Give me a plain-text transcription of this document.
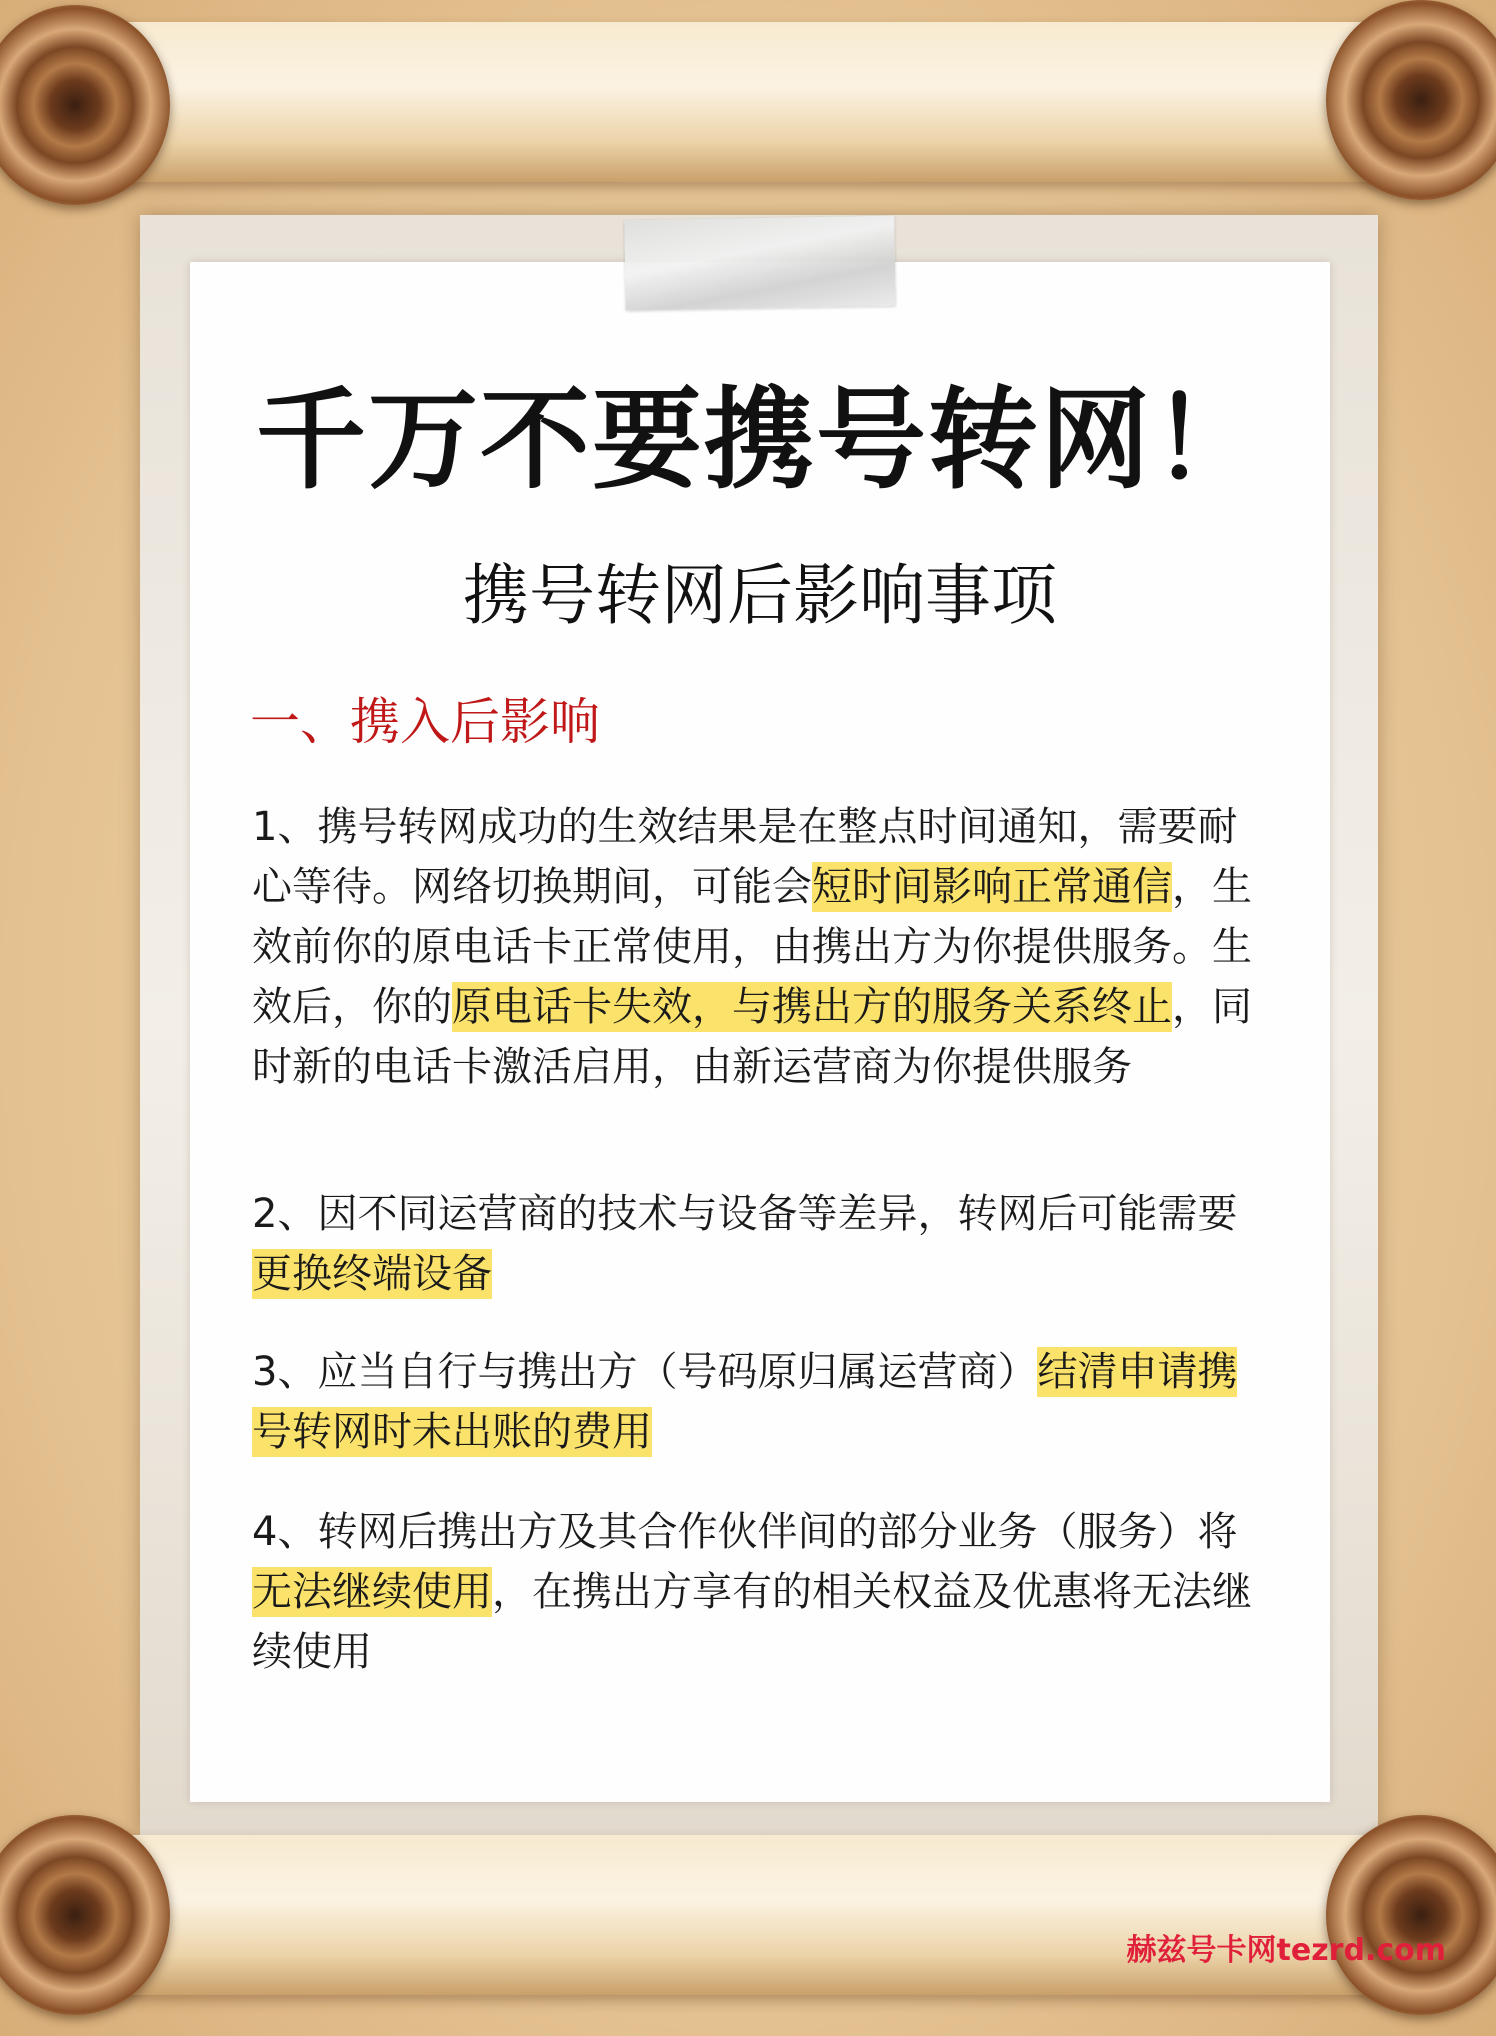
千万不要携号转网！
携号转网后影响事项
一、携入后影响
1、携号转网成功的生效结果是在整点时间通知，需要耐心等待。网络切换期间，可能会短时间影响正常通信，生效前你的原电话卡正常使用，由携出方为你提供服务。生效后，你的原电话卡失效，与携出方的服务关系终止，同时新的电话卡激活启用，由新运营商为你提供服务
2、因不同运营商的技术与设备等差异，转网后可能需要更换终端设备
3、应当自行与携出方（号码原归属运营商）结清申请携号转网时未出账的费用
4、转网后携出方及其合作伙伴间的部分业务（服务）将无法继续使用，在携出方享有的相关权益及优惠将无法继续使用
赫兹号卡网tezrd.com
